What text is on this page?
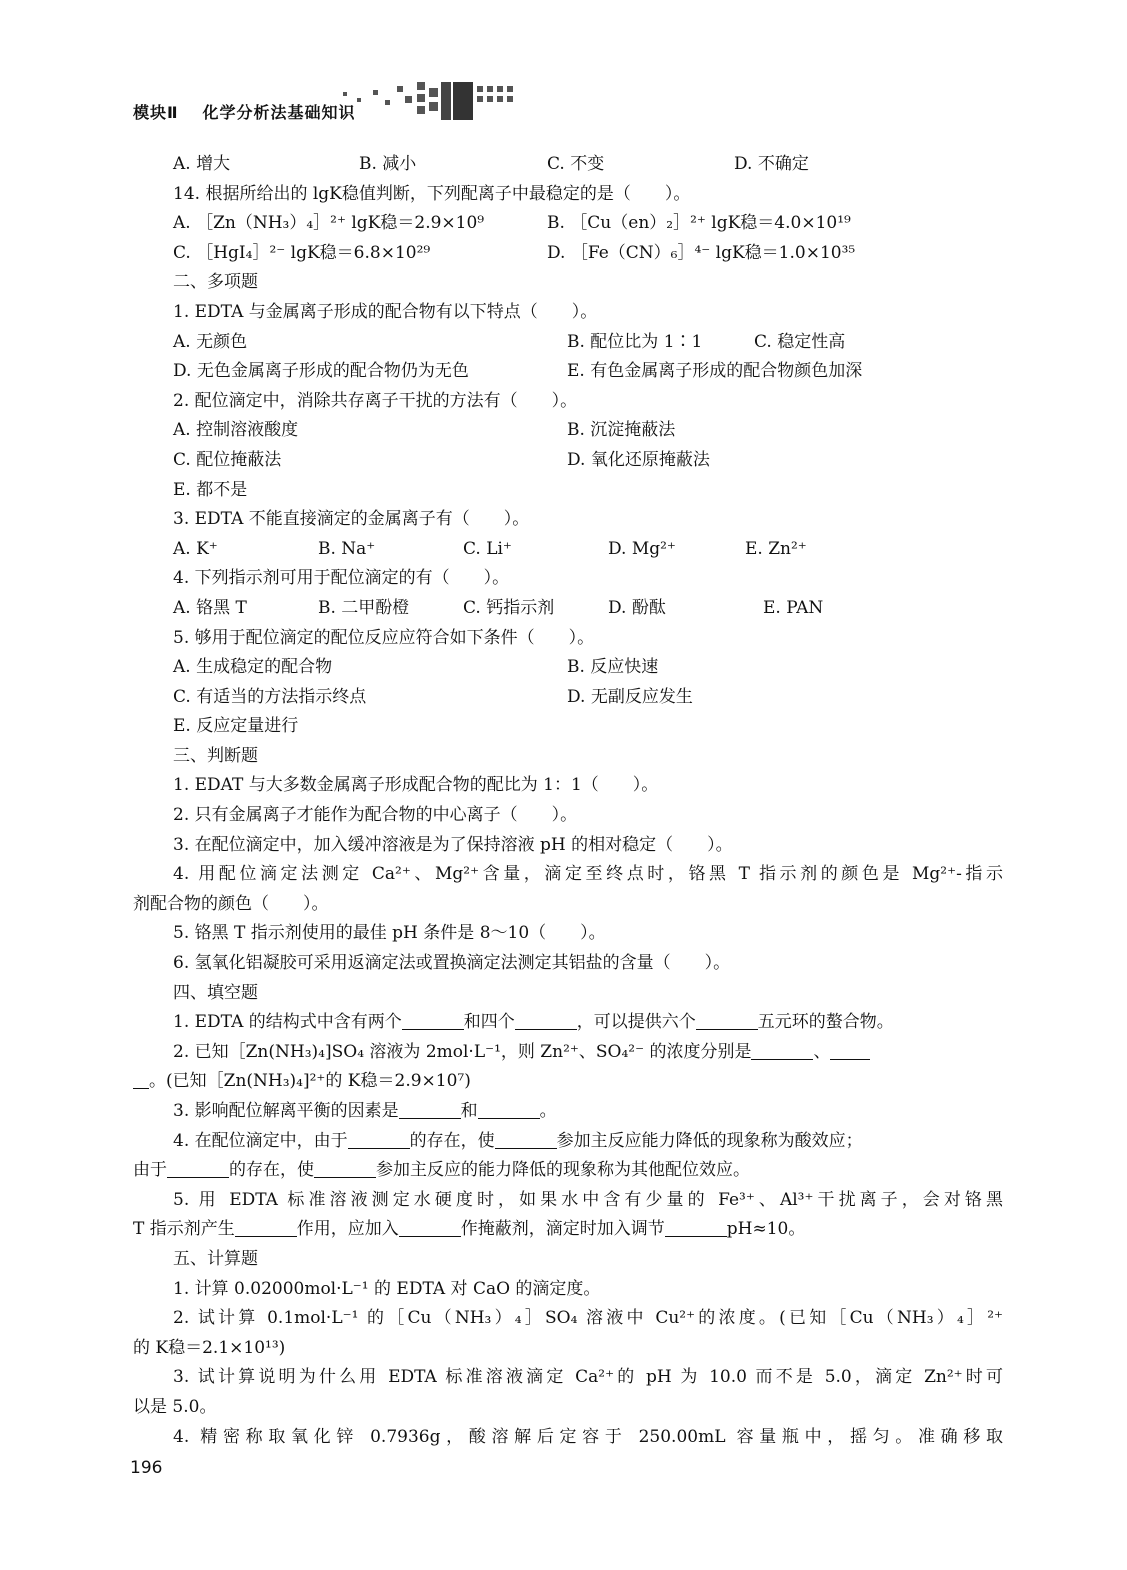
模块Ⅱ 化学分析法基础知识
A. 增大	B. 减小	C. 不变	D. 不确定
14. 根据所给出的 lgK稳值判断，下列配离子中最稳定的是（　　）。
A. ［Zn（NH₃）₄］²⁺ lgK稳＝2.9×10⁹	B. ［Cu（en）₂］²⁺ lgK稳＝4.0×10¹⁹
C. ［HgI₄］²⁻ lgK稳＝6.8×10²⁹	D. ［Fe（CN）₆］⁴⁻ lgK稳＝1.0×10³⁵
二、多项题
1. EDTA 与金属离子形成的配合物有以下特点（　　）。
A. 无颜色	B. 配位比为 1∶1	C. 稳定性高
D. 无色金属离子形成的配合物仍为无色	E. 有色金属离子形成的配合物颜色加深
2. 配位滴定中，消除共存离子干扰的方法有（　　）。
A. 控制溶液酸度	B. 沉淀掩蔽法
C. 配位掩蔽法	D. 氧化还原掩蔽法
E. 都不是
3. EDTA 不能直接滴定的金属离子有（　　）。
A. K⁺	B. Na⁺	C. Li⁺	D. Mg²⁺	E. Zn²⁺
4. 下列指示剂可用于配位滴定的有（　　）。
A. 铬黑 T	B. 二甲酚橙	C. 钙指示剂	D. 酚酞	E. PAN
5. 够用于配位滴定的配位反应应符合如下条件（　　）。
A. 生成稳定的配合物	B. 反应快速
C. 有适当的方法指示终点	D. 无副反应发生
E. 反应定量进行
三、判断题
1. EDAT 与大多数金属离子形成配合物的配比为 1：1（　　）。
2. 只有金属离子才能作为配合物的中心离子（　　）。
3. 在配位滴定中，加入缓冲溶液是为了保持溶液 pH 的相对稳定（　　）。
4. 用配位滴定法测定 Ca²⁺、Mg²⁺含量，滴定至终点时，铬黑 T 指示剂的颜色是 Mg²⁺-指示
剂配合物的颜色（　　）。
5. 铬黑 T 指示剂使用的最佳 pH 条件是 8～10（　　）。
6. 氢氧化铝凝胶可采用返滴定法或置换滴定法测定其铝盐的含量（　　）。
四、填空题
1. EDTA 的结构式中含有两个	和四个	，可以提供六个	五元环的螯合物。
2. 已知［Zn(NH₃)₄]SO₄ 溶液为 2mol·L⁻¹，则 Zn²⁺、SO₄²⁻ 的浓度分别是	、
。(已知［Zn(NH₃)₄]²⁺的 K稳＝2.9×10⁷)
3. 影响配位解离平衡的因素是	和	。
4. 在配位滴定中，由于	的存在，使	参加主反应能力降低的现象称为酸效应；
由于	的存在，使	参加主反应的能力降低的现象称为其他配位效应。
5. 用 EDTA 标准溶液测定水硬度时，如果水中含有少量的 Fe³⁺、Al³⁺干扰离子，会对铬黑
T 指示剂产生	作用，应加入	作掩蔽剂，滴定时加入调节	pH≈10。
五、计算题
1. 计算 0.02000mol·L⁻¹ 的 EDTA 对 CaO 的滴定度。
2. 试计算 0.1mol·L⁻¹ 的［Cu（NH₃）₄］SO₄ 溶液中 Cu²⁺的浓度。(已知［Cu（NH₃）₄］²⁺
的 K稳＝2.1×10¹³)
3. 试计算说明为什么用 EDTA 标准溶液滴定 Ca²⁺的 pH 为 10.0 而不是 5.0，滴定 Zn²⁺时可
以是 5.0。
4. 精密称取氧化锌 0.7936g，酸溶解后定容于 250.00mL 容量瓶中，摇匀。准确移取
196
